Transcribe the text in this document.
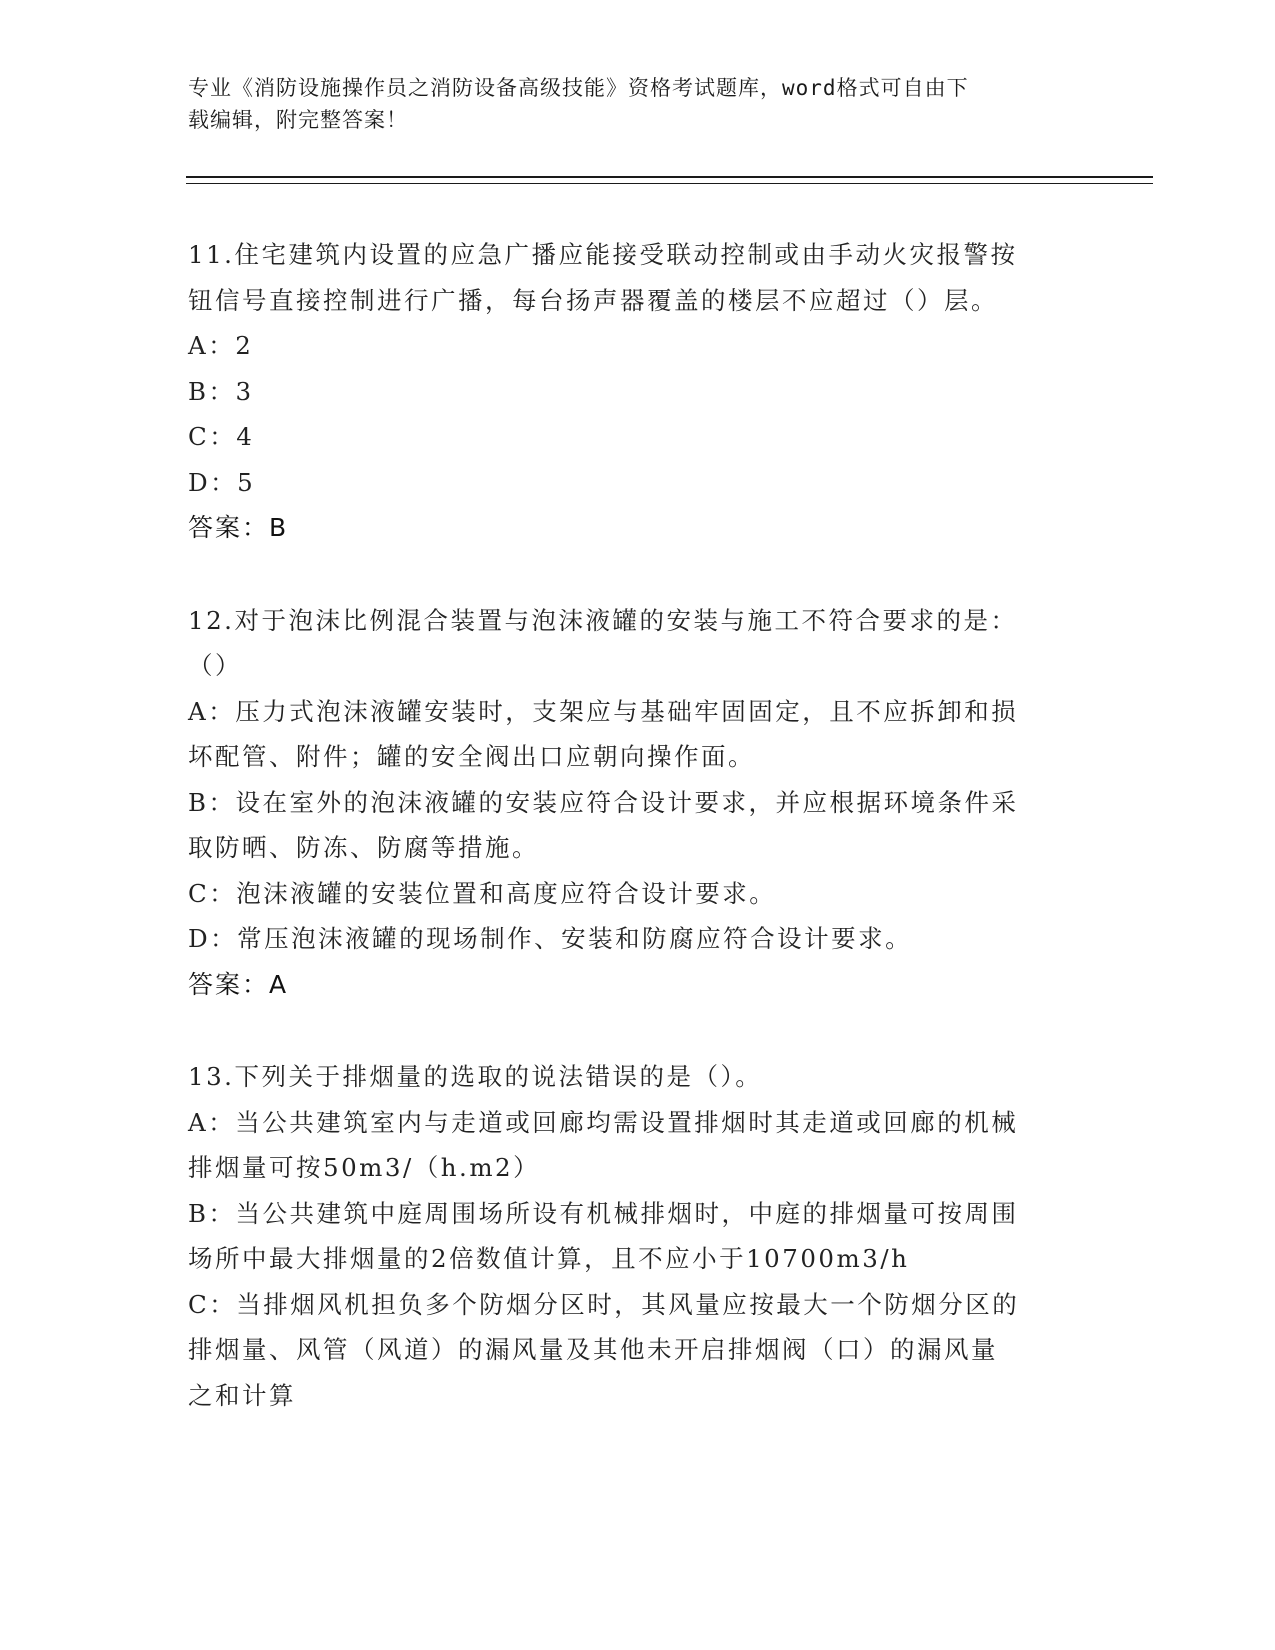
专业《消防设施操作员之消防设备高级技能》资格考试题库，word格式可自由下
载编辑，附完整答案！
11.住宅建筑内设置的应急广播应能接受联动控制或由手动火灾报警按
钮信号直接控制进行广播，每台扬声器覆盖的楼层不应超过（）层。
A：2
B：3
C：4
D：5
答案：B
12.对于泡沫比例混合装置与泡沫液罐的安装与施工不符合要求的是：
（）
A：压力式泡沫液罐安装时，支架应与基础牢固固定，且不应拆卸和损
坏配管、附件；罐的安全阀出口应朝向操作面。
B：设在室外的泡沫液罐的安装应符合设计要求，并应根据环境条件采
取防晒、防冻、防腐等措施。
C：泡沫液罐的安装位置和高度应符合设计要求。
D：常压泡沫液罐的现场制作、安装和防腐应符合设计要求。
答案：A
13.下列关于排烟量的选取的说法错误的是（）。
A：当公共建筑室内与走道或回廊均需设置排烟时其走道或回廊的机械
排烟量可按50m3/（h.m2）
B：当公共建筑中庭周围场所设有机械排烟时，中庭的排烟量可按周围
场所中最大排烟量的2倍数值计算，且不应小于10700m3/h
C：当排烟风机担负多个防烟分区时，其风量应按最大一个防烟分区的
排烟量、风管（风道）的漏风量及其他未开启排烟阀（口）的漏风量
之和计算
